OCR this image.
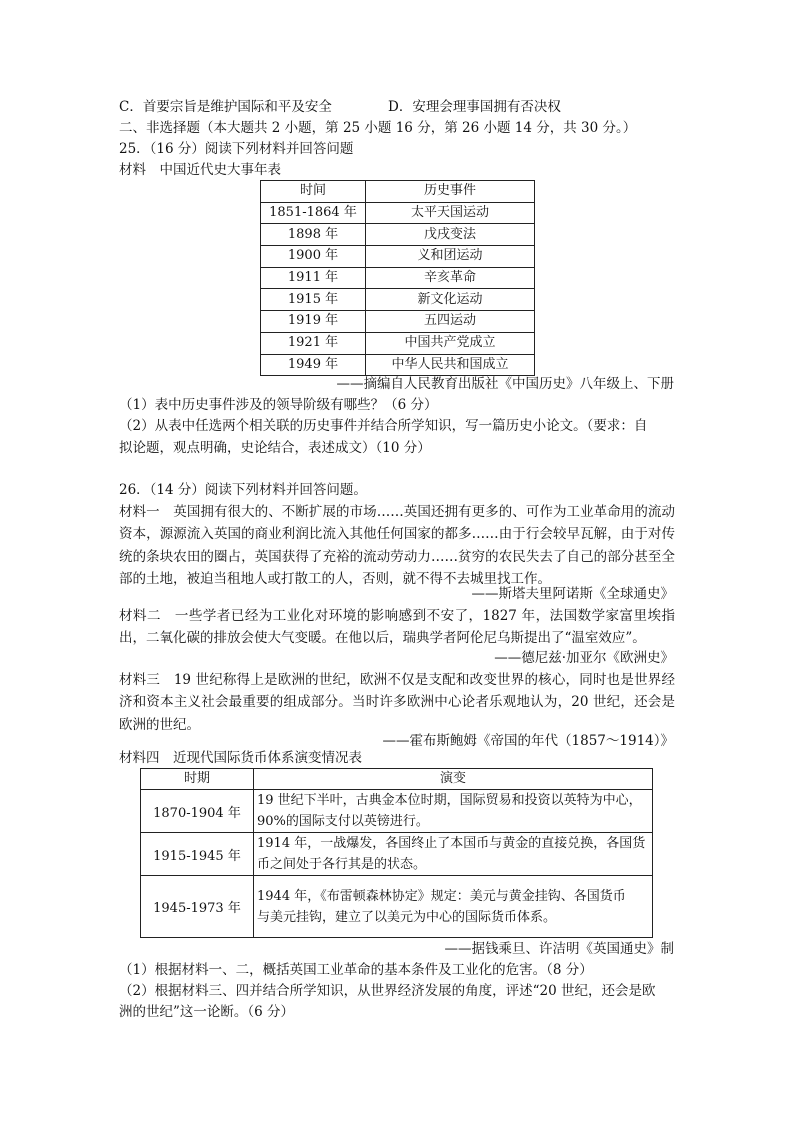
C．首要宗旨是维护国际和平及安全	D．安理会理事国拥有否决权
二、非选择题（本大题共 2 小题，第 25 小题 16 分，第 26 小题 14 分，共 30 分。）
25．（16 分）阅读下列材料并回答问题
材料　中国近代史大事年表
时间	历史事件
1851-1864 年	太平天国运动
1898 年	戊戌变法
1900 年	义和团运动
1911 年	辛亥革命
1915 年	新文化运动
1919 年	五四运动
1921 年	中国共产党成立
1949 年	中华人民共和国成立
——摘编自人民教育出版社《中国历史》八年级上、下册
（1）表中历史事件涉及的领导阶级有哪些？（6 分）
（2）从表中任选两个相关联的历史事件并结合所学知识，写一篇历史小论文。（要求：自
拟论题，观点明确，史论结合，表述成文）（10 分）
26．（14 分）阅读下列材料并回答问题。
材料一　英国拥有很大的、不断扩展的市场……英国还拥有更多的、可作为工业革命用的流动资本，源源流入英国的商业利润比流入其他任何国家的都多……由于行会较早瓦解，由于对传统的条块农田的圈占，英国获得了充裕的流动劳动力……贫穷的农民失去了自己的部分甚至全部的土地，被迫当租地人或打散工的人，否则，就不得不去城里找工作。
——斯塔夫里阿诺斯《全球通史》
材料二　一些学者已经为工业化对环境的影响感到不安了，1827 年，法国数学家富里埃指出，二氧化碳的排放会使大气变暖。在他以后，瑞典学者阿伦尼乌斯提出了“温室效应”。
——德尼兹·加亚尔《欧洲史》
材料三　19 世纪称得上是欧洲的世纪，欧洲不仅是支配和改变世界的核心，同时也是世界经济和资本主义社会最重要的组成部分。当时许多欧洲中心论者乐观地认为，20 世纪，还会是欧洲的世纪。
——霍布斯鲍姆《帝国的年代（1857～1914）》
材料四　近现代国际货币体系演变情况表
时期	演变
1870-1904 年	19 世纪下半叶，古典金本位时期，国际贸易和投资以英特为中心，90%的国际支付以英镑进行。
1915-1945 年	1914 年，一战爆发，各国终止了本国币与黄金的直接兑换，各国货币之间处于各行其是的状态。
1945-1973 年	1944 年，《布雷顿森林协定》规定：美元与黄金挂钩、各国货币
与美元挂钩，建立了以美元为中心的国际货币体系。
——据钱乘旦、许洁明《英国通史》制
（1）根据材料一、二，概括英国工业革命的基本条件及工业化的危害。（8 分）
（2）根据材料三、四并结合所学知识，从世界经济发展的角度，评述“20 世纪，还会是欧
洲的世纪”这一论断。（6 分）
